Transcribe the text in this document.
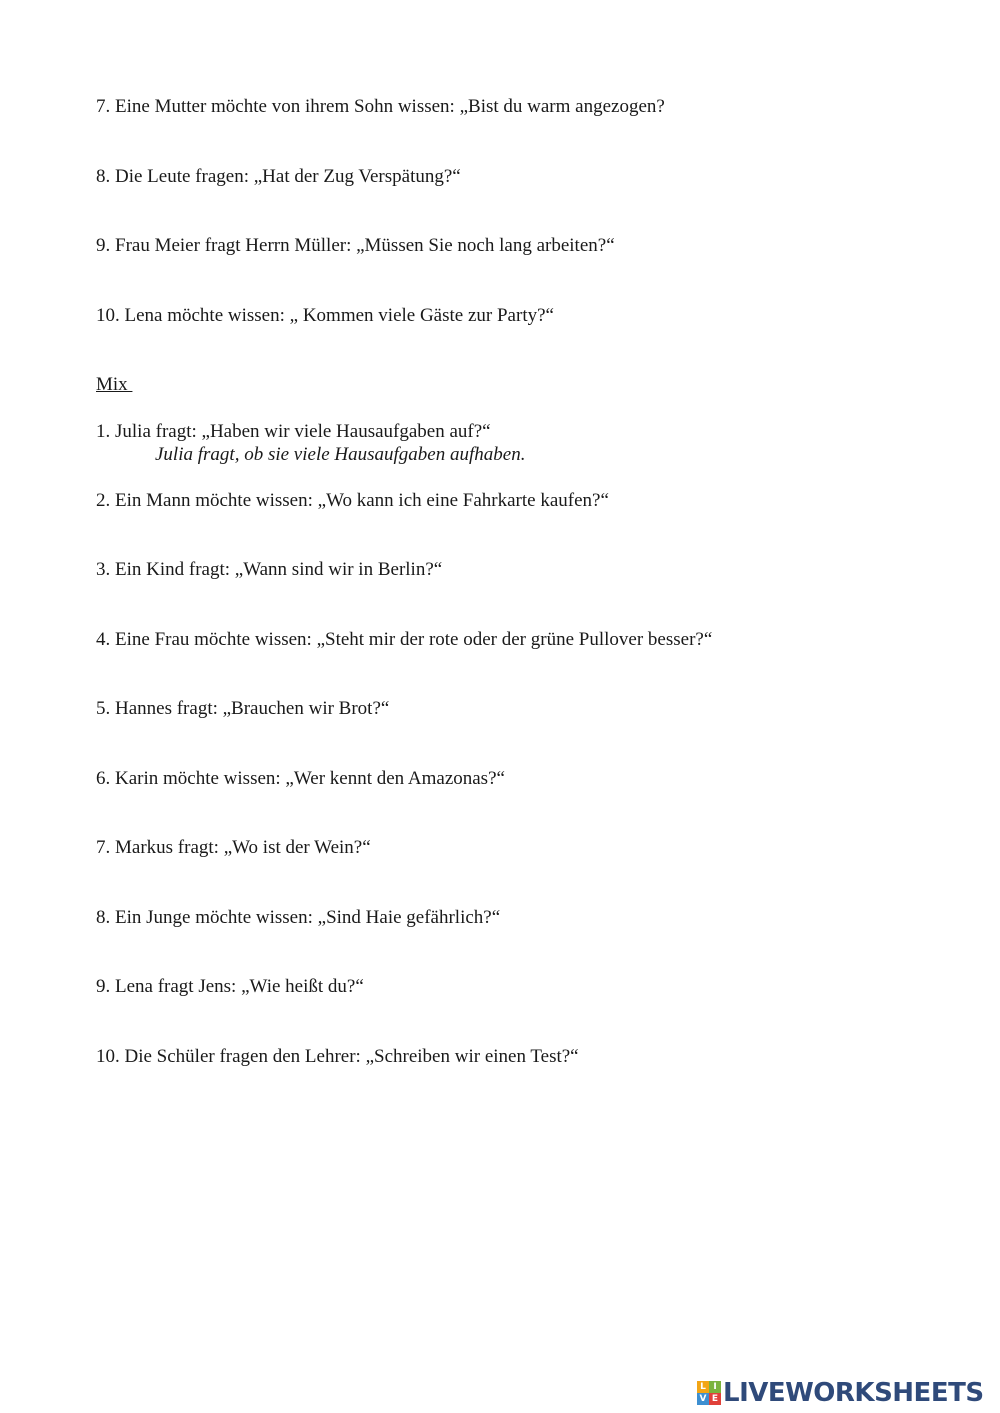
7. Eine Mutter möchte von ihrem Sohn wissen: „Bist du warm angezogen?
8. Die Leute fragen: „Hat der Zug Verspätung?“
9. Frau Meier fragt Herrn Müller: „Müssen Sie noch lang arbeiten?“
10. Lena möchte wissen: „ Kommen viele Gäste zur Party?“
Mix
1. Julia fragt: „Haben wir viele Hausaufgaben auf?“
Julia fragt, ob sie viele Hausaufgaben aufhaben.
2. Ein Mann möchte wissen: „Wo kann ich eine Fahrkarte kaufen?“
3. Ein Kind fragt: „Wann sind wir in Berlin?“
4. Eine Frau möchte wissen: „Steht mir der rote oder der grüne Pullover besser?“
5. Hannes fragt: „Brauchen wir Brot?“
6. Karin möchte wissen: „Wer kennt den Amazonas?“
7. Markus fragt: „Wo ist der Wein?“
8. Ein Junge möchte wissen: „Sind Haie gefährlich?“
9. Lena fragt Jens: „Wie heißt du?“
10. Die Schüler fragen den Lehrer: „Schreiben wir einen Test?“
L I
V E LIVEWORKSHEETS
